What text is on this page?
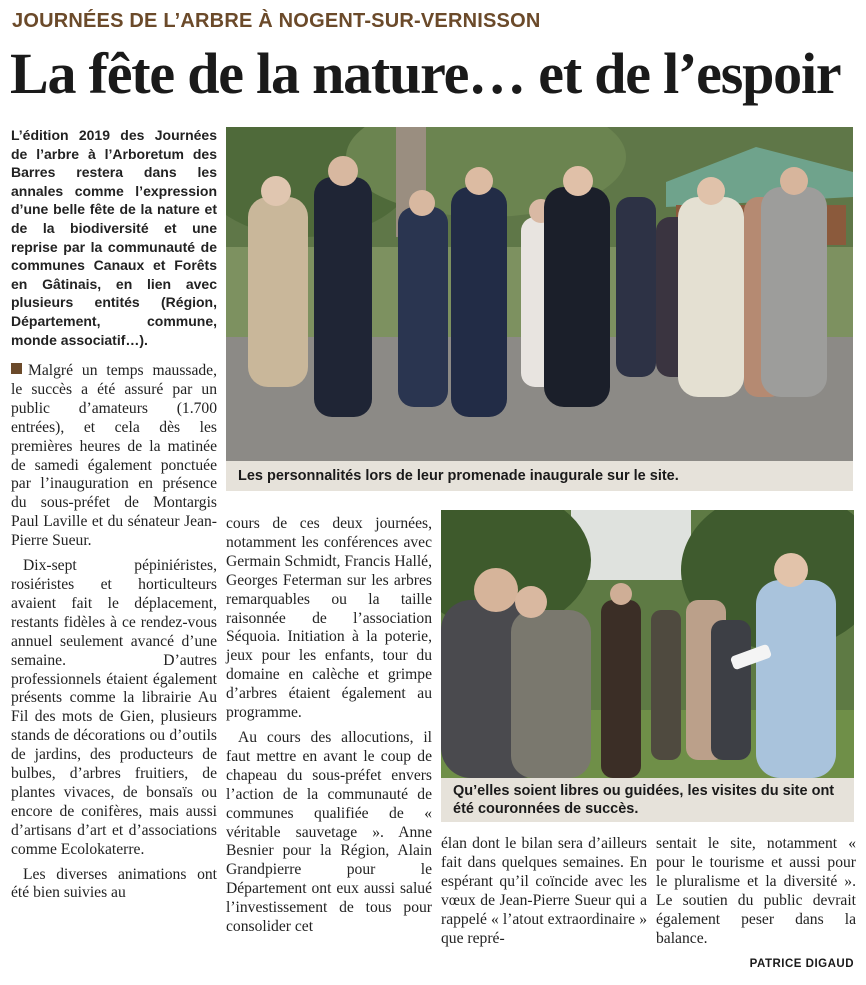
JOURNÉES DE L’ARBRE À NOGENT-SUR-VERNISSON
La fête de la nature… et de l’espoir
L’édition 2019 des Journées de l’arbre à l’Arboretum des Barres restera dans les annales comme l’expression d’une belle fête de la nature et de la biodiversité et une reprise par la communauté de communes Canaux et Forêts en Gâtinais, en lien avec plusieurs entités (Région, Département, commune, monde associatif…).
Les personnalités lors de leur promenade inaugurale sur le site.
Qu’elles soient libres ou guidées, les visites du site ont été couronnées de succès.

Malgré un temps maussade, le succès a été assuré par un public d’amateurs (1.700 entrées), et cela dès les premières heures de la matinée de samedi également ponctuée par l’inauguration en présence du sous-préfet de Montargis Paul Laville et du sénateur Jean-Pierre Sueur.

Dix-sept pépiniéristes, rosiéristes et horticulteurs avaient fait le déplacement, restants fidèles à ce rendez-vous annuel seulement avancé d’une semaine. D’autres professionnels étaient également présents comme la librairie Au Fil des mots de Gien, plusieurs stands de décorations ou d’outils de jardins, des producteurs de bulbes, d’arbres fruitiers, de plantes vivaces, de bonsaïs ou encore de conifères, mais aussi d’artisans d’art et d’associations comme Ecolokaterre.

Les diverses animations ont été bien suivies au

cours de ces deux journées, notamment les conférences avec Germain Schmidt, Francis Hallé, Georges Feterman sur les arbres remarquables ou la taille raisonnée de l’association Séquoia. Initiation à la poterie, jeux pour les enfants, tour du domaine en calèche et grimpe d’arbres étaient également au programme.

Au cours des allocutions, il faut mettre en avant le coup de chapeau du sous-préfet envers l’action de la communauté de communes qualifiée de « véritable sauvetage ». Anne Besnier pour la Région, Alain Grandpierre pour le Département ont eux aussi salué l’investissement de tous pour consolider cet

élan dont le bilan sera d’ailleurs fait dans quelques semaines. En espérant qu’il coïncide avec les vœux de Jean-Pierre Sueur qui a rappelé « l’atout extraordinaire » que repré-

sentait le site, notamment « pour le tourisme et aussi pour le pluralisme et la diversité ». Le soutien du public devrait également peser dans la balance.

PATRICE DIGAUD
